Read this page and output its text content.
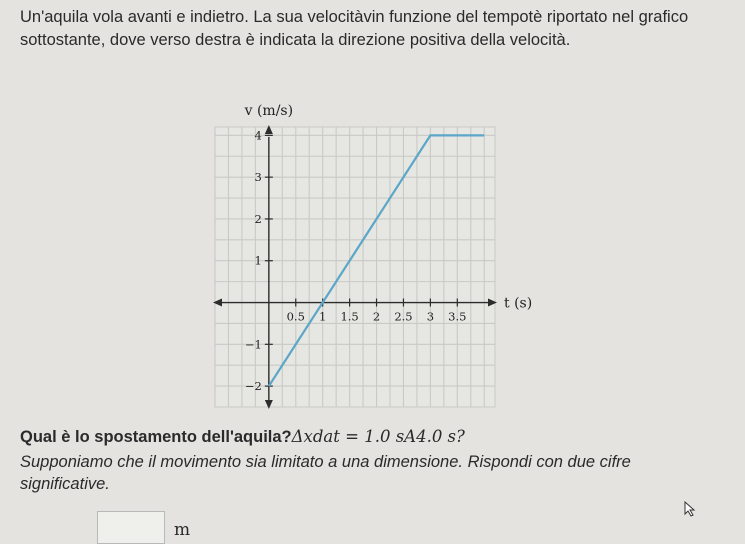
Un'aquila vola avanti e indietro. La sua velocitàvin funzione del tempotè riportato nel grafico sottostante, dove verso destra è indicata la direzione positiva della velocità.
v (m/s)
t (s)
0.5 1 1.5 2 2.5 3 3.5
−2
−1
1
2
3
4
Qual è lo spostamento dell'aquila?Δxdat = 1.0 sA4.0 s?
Supponiamo che il movimento sia limitato a una dimensione. Rispondi con due cifre significative.
m
